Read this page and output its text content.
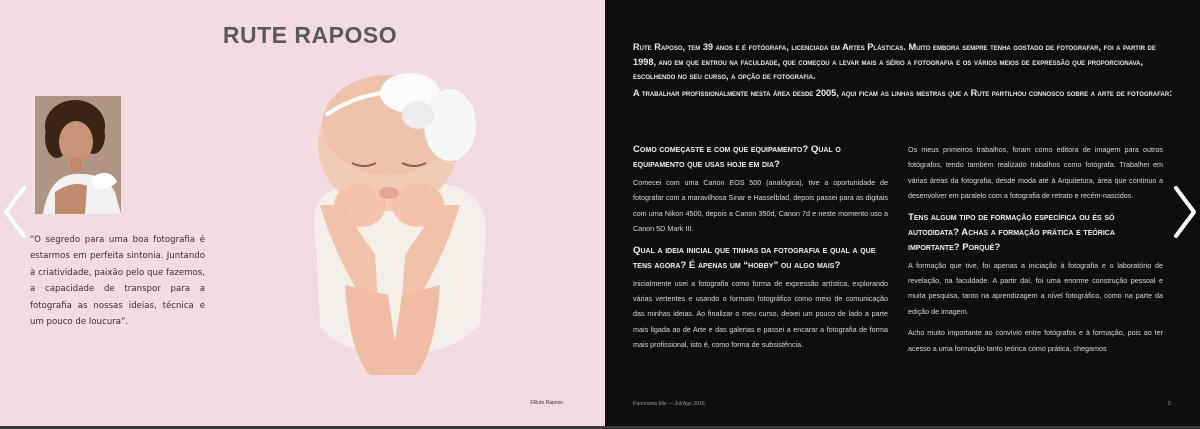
RUTE RAPOSO
“O segredo para uma boa fotografia é estarmos em perfeita sintonia. Juntando à criatividade, paixão pelo que fazemos, a capacidade de transpor para a fotografia as nossas ideias, técnica e um pouco de loucura”.
©Rute Raposo

Rute Raposo, tem 39 anos e é fotógrafa, licenciada em Artes Plásticas. Muito embora sempre tenha gostado de fotografar, foi a partir de 1998, ano em que entrou na faculdade, que começou a levar mais a sério a fotografia e os vários meios de expressão que proporcionava, escolhendo no seu curso, a opção de fotografia.

A trabalhar profissionalmente nesta área desde 2005, aqui ficam as linhas mestras que a Rute partilhou connosco sobre a arte de fotografar:

Como começaste e com que equipamento? Qual o equipamento que usas hoje em dia?

Comecei com uma Canon EOS 500 (analógica), tive a oportunidade de fotografar com a maravilhosa Sinar e Hasselblad, depois passei para as digitais com uma Nikon 4500, depois a Canon 350d, Canon 7d e neste momento uso a Canon 5D Mark III.

Qual a ideia inicial que tinhas da fotografia e qual a que tens agora? É apenas um “hobby” ou algo mais?

Inicialmente usei a fotografia como forma de expressão artística, explorando várias vertentes e usando o formato fotográfico como meio de comunicação das minhas ideias. Ao finalizar o meu curso, deixei um pouco de lado a parte mais ligada ao de Arte e das galerias e passei a encarar a fotografia de forma mais profissional, isto é, como forma de subsistência.

Os meus primeiros trabalhos, foram como editora de imagem para outros fotógrafos, tendo também realizado trabalhos como fotógrafa. Trabalhei em várias áreas da fotografia, desde moda até à Arquitetura, área que continuo a desenvolver em paralelo com a fotografia de retrato e recém-nascidos.

Tens algum tipo de formação específica ou és só autodidata? Achas a formação prática e teórica importante? Porquê?

A formação que tive, foi apenas a iniciação à fotografia e o laboratório de revelação, na faculdade. A partir daí, foi uma enorme construção pessoal e muita pesquisa, tanto na aprendizagem a nível fotográfico, como na parte da edição de imagem.

Acho muito importante ao convívio entre fotógrafos e à formação, pois ao ter acesso a uma formação tanto teórica como prática, chegamos

Panorama Mix — Jul/Ago 2016	5
